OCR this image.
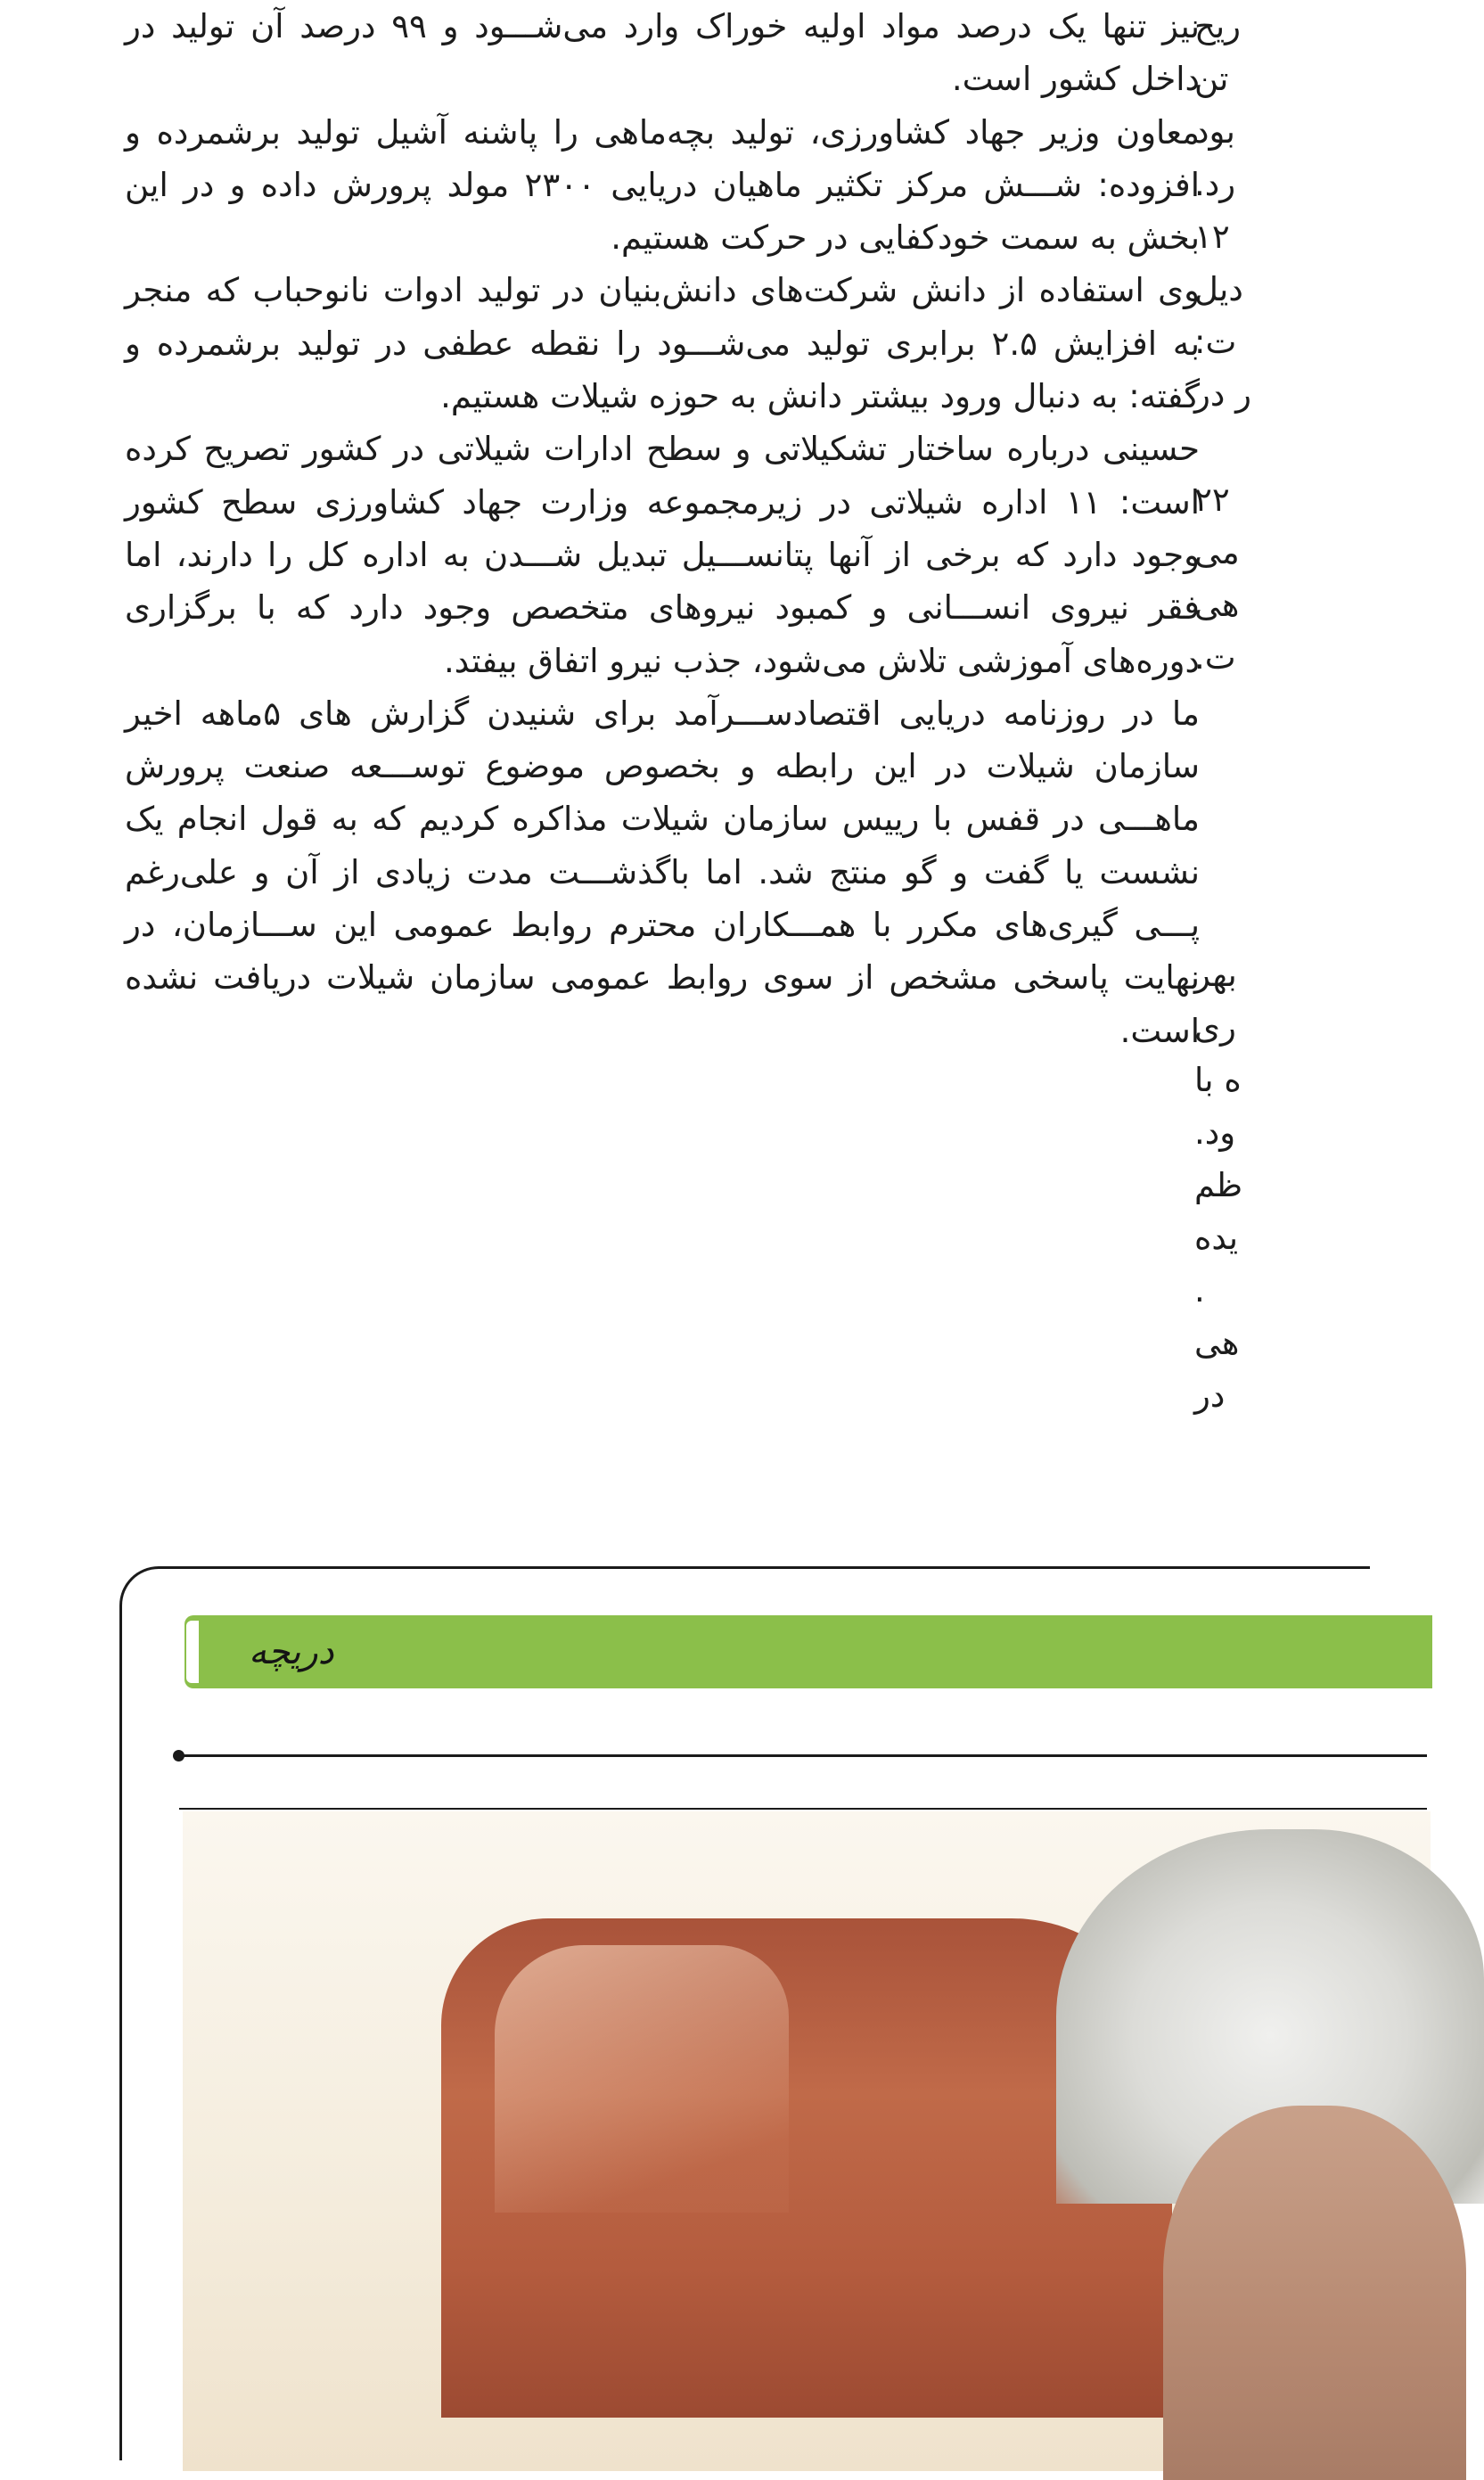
نیز تنها یک درصد مواد اولیه خوراک وارد می‌شـــود و ۹۹ درصد آن تولید در داخل کشور است.

معاون وزیر جهاد کشاورزی، تولید بچه‌ماهی را پاشنه آشیل تولید برشمرده و افزوده: شـــش مرکز تکثیر ماهیان دریایی ۲۳۰۰ مولد پرورش داده و در این بخش به سمت خودکفایی در حرکت هستیم.

وی استفاده از دانش شرکت‌های دانش‌بنیان در تولید ادوات نانوحباب که منجر به افزایش ۲.۵ برابری تولید می‌شـــود را نقطه عطفی در تولید برشمرده و گفته: به دنبال ورود بیشتر دانش به حوزه شیلات هستیم.

حسینی درباره ساختار تشکیلاتی و سطح ادارات شیلاتی در کشور تصریح کرده است: ۱۱ اداره شیلاتی در زیرمجموعه وزارت جهاد کشاورزی سطح کشور وجود دارد که برخی از آنها پتانســـیل تبدیل شـــدن به اداره کل را دارند، اما فقر نیروی انســـانی و کمبود نیروهای متخصص وجود دارد که با برگزاری دوره‌های آموزشی تلاش می‌شود، جذب نیرو اتفاق بیفتد.

ما در روزنامه دریایی اقتصادســـرآمد برای شنیدن گزارش های ۵ماهه اخیر سازمان شیلات در این رابطه و بخصوص موضوع توســـعه صنعت پرورش ماهـــی در قفس با رییس سازمان شیلات مذاکره کردیم که به قول انجام یک نشست یا گفت و گو منتج شد. اما باگذشـــت مدت زیادی از آن و علی‌رغم پـــی گیری‌های مکرر با همـــکاران محترم روابط عمومی این ســـازمان، در نهایت پاسخی مشخص از سوی روابط عمومی سازمان شیلات دریافت نشده است.

ریح
تن
بود
رد.
۱۲
دیل
ت:
ر در
۲۲
می
هی
ت.
بهر
ری
ه با
ود.
ظم
یده
.
هی
در
دریچه
